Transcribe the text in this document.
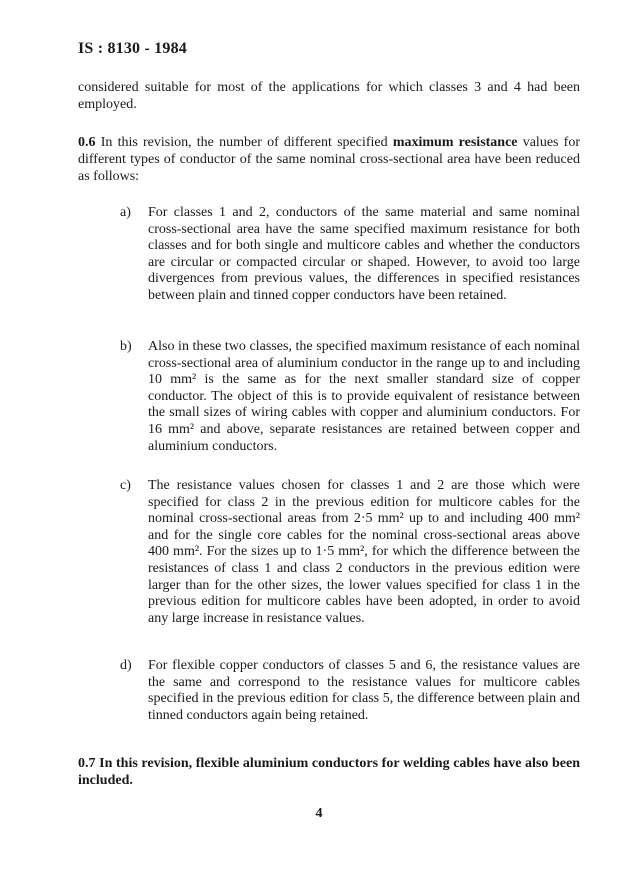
IS : 8130 - 1984

considered suitable for most of the applications for which classes 3 and 4 had been employed.

0.6 In this revision, the number of different specified maximum resistance values for different types of conductor of the same nominal cross-sectional area have been reduced as follows:

a) For classes 1 and 2, conductors of the same material and same nominal cross-sectional area have the same specified maximum resistance for both classes and for both single and multicore cables and whether the conductors are circular or compacted circular or shaped. However, to avoid too large divergences from previous values, the differences in specified resistances between plain and tinned copper conductors have been retained.
b) Also in these two classes, the specified maximum resistance of each nominal cross-sectional area of aluminium conductor in the range up to and including 10 mm² is the same as for the next smaller standard size of copper conductor. The object of this is to provide equivalent of resistance between the small sizes of wiring cables with copper and aluminium conductors. For 16 mm² and above, separate resistances are retained between copper and aluminium conductors.
c) The resistance values chosen for classes 1 and 2 are those which were specified for class 2 in the previous edition for multicore cables for the nominal cross-sectional areas from 2·5 mm² up to and including 400 mm² and for the single core cables for the nominal cross-sectional areas above 400 mm². For the sizes up to 1·5 mm², for which the difference between the resistances of class 1 and class 2 conductors in the previous edition were larger than for the other sizes, the lower values specified for class 1 in the previous edition for multicore cables have been adopted, in order to avoid any large increase in resistance values.
d) For flexible copper conductors of classes 5 and 6, the resistance values are the same and correspond to the resistance values for multicore cables specified in the previous edition for class 5, the difference between plain and tinned conductors again being retained.

0.7 In this revision, flexible aluminium conductors for welding cables have also been included.

4
